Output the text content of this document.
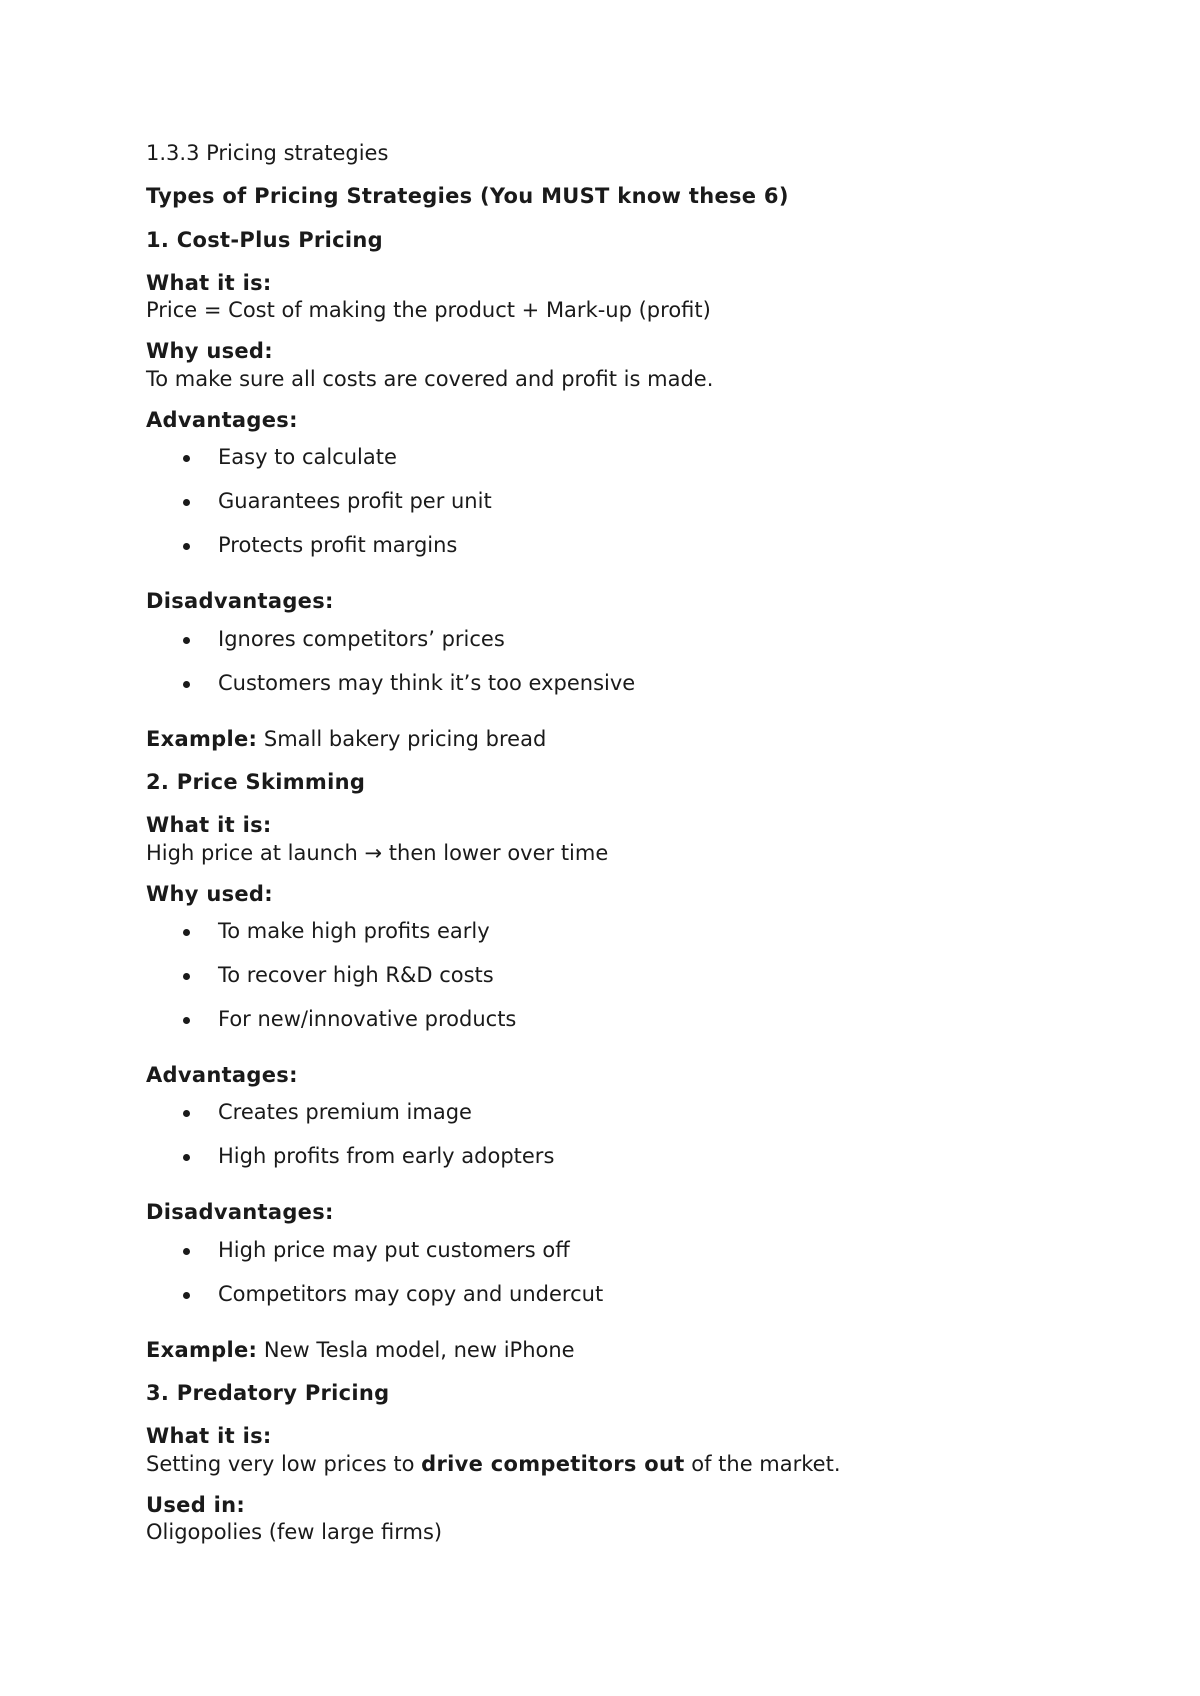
1.3.3 Pricing strategies
Types of Pricing Strategies (You MUST know these 6)
1. Cost-Plus Pricing
What it is:
Price = Cost of making the product + Mark-up (profit)
Why used:
To make sure all costs are covered and profit is made.
Advantages:
Easy to calculate
Guarantees profit per unit
Protects profit margins
Disadvantages:
Ignores competitors’ prices
Customers may think it’s too expensive
Example: Small bakery pricing bread
2. Price Skimming
What it is:
High price at launch → then lower over time
Why used:
To make high profits early
To recover high R&D costs
For new/innovative products
Advantages:
Creates premium image
High profits from early adopters
Disadvantages:
High price may put customers off
Competitors may copy and undercut
Example: New Tesla model, new iPhone
3. Predatory Pricing
What it is:
Setting very low prices to drive competitors out of the market.
Used in:
Oligopolies (few large firms)
